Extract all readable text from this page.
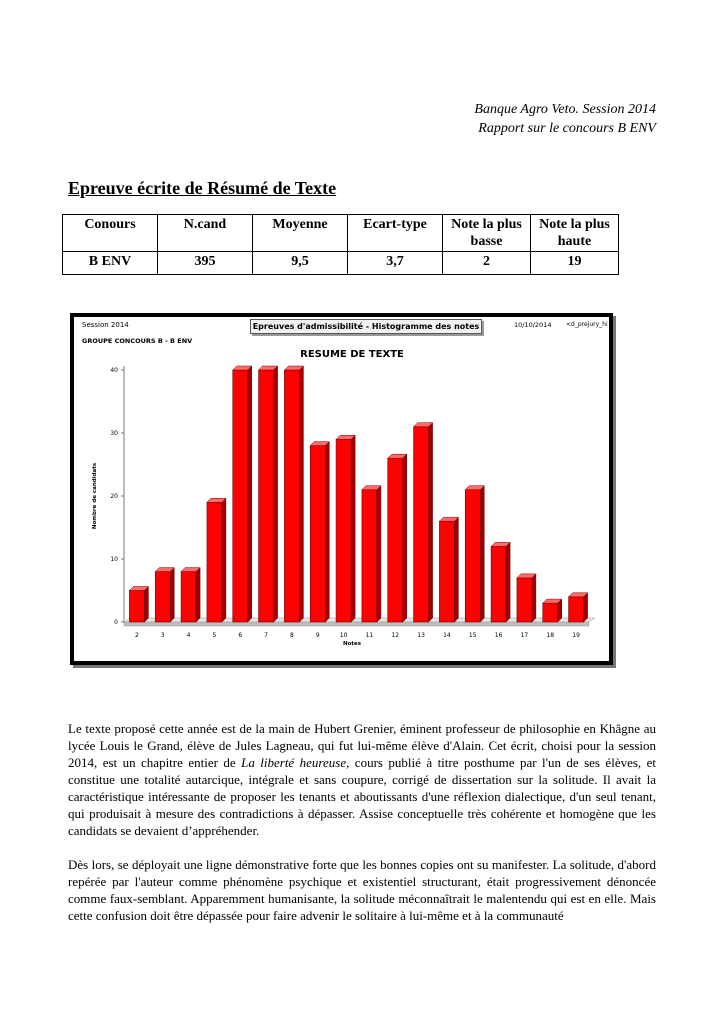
Banque Agro Veto. Session 2014
Rapport sur le concours B ENV
Epreuve écrite de Résumé de Texte
Conours	N.cand	Moyenne	Ecart-type	Note la plus basse	Note la plus haute
B ENV	395	9,5	3,7	2	19
Session 2014	Epreuves d'admissibilité - Histogramme des notes	10/10/2014 <d_prejury_hi
GROUPE CONCOURS B - B ENV
RESUME DE TEXTE
0
10
20
30
40
Nombre de candidats
2	3	4	5	6	7	8	9	10	11	12	13	14	15	16	17	18	19
Notes

Le texte proposé cette année est de la main de Hubert Grenier, éminent professeur de philosophie en Khâgne au lycée Louis le Grand, élève de Jules Lagneau, qui fut lui-même élève d'Alain. Cet écrit, choisi pour la session 2014, est un chapitre entier de La liberté heureuse, cours publié à titre posthume par l'un de ses élèves, et constitue une totalité autarcique, intégrale et sans coupure, corrigé de dissertation sur la solitude. Il avait la caractéristique intéressante de proposer les tenants et aboutissants d'une réflexion dialectique, d'un seul tenant, qui produisait à mesure des contradictions à dépasser. Assise conceptuelle très cohérente et homogène que les candidats se devaient d’appréhender.

Dès lors, se déployait une ligne démonstrative forte que les bonnes copies ont su manifester. La solitude, d'abord repérée par l'auteur comme phénomène psychique et existentiel structurant, était progressivement dénoncée comme faux-semblant. Apparemment humanisante, la solitude méconnaîtrait le malentendu qui est en elle. Mais cette confusion doit être dépassée pour faire advenir le solitaire à lui-même et à la communauté
